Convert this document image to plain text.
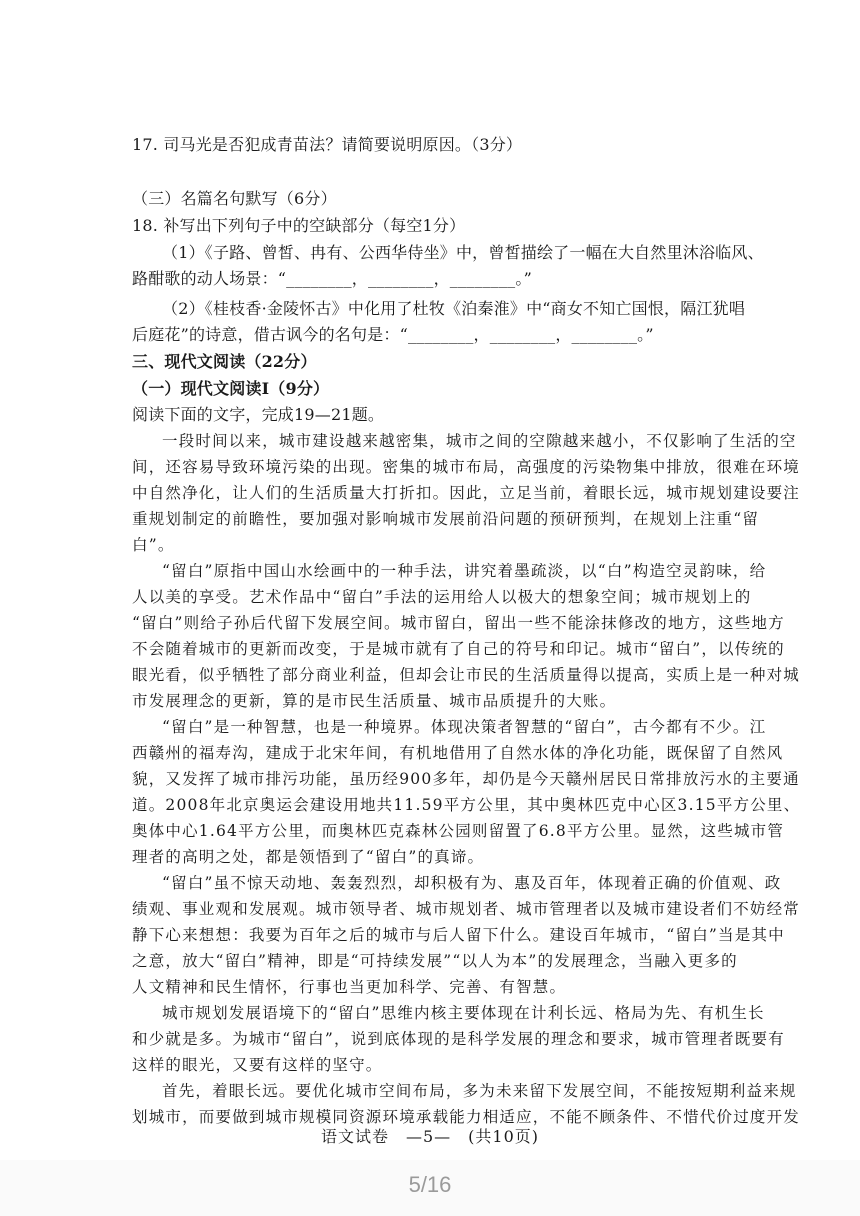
17. 司马光是否犯成青苗法？请简要说明原因。（3分）
（三）名篇名句默写（6分）
18. 补写出下列句子中的空缺部分（每空1分）
（1）《子路、曾皙、冉有、公西华侍坐》中，曾皙描绘了一幅在大自然里沐浴临风、
路酣歌的动人场景：“________，________，________。”
（2）《桂枝香·金陵怀古》中化用了杜牧《泊秦淮》中“商女不知亡国恨，隔江犹唱
后庭花”的诗意，借古讽今的名句是：“________，________，________。”
三、现代文阅读（22分）
（一）现代文阅读Ⅰ（9分）
阅读下面的文字，完成19—21题。
一段时间以来，城市建设越来越密集，城市之间的空隙越来越小，不仅影响了生活的空
间，还容易导致环境污染的出现。密集的城市布局，高强度的污染物集中排放，很难在环境
中自然净化，让人们的生活质量大打折扣。因此，立足当前，着眼长远，城市规划建设要注
重规划制定的前瞻性，要加强对影响城市发展前沿问题的预研预判，在规划上注重“留
白”。
“留白”原指中国山水绘画中的一种手法，讲究着墨疏淡，以“白”构造空灵韵味，给
人以美的享受。艺术作品中“留白”手法的运用给人以极大的想象空间；城市规划上的
“留白”则给子孙后代留下发展空间。城市留白，留出一些不能涂抹修改的地方，这些地方
不会随着城市的更新而改变，于是城市就有了自己的符号和印记。城市“留白”，以传统的
眼光看，似乎牺牲了部分商业利益，但却会让市民的生活质量得以提高，实质上是一种对城
市发展理念的更新，算的是市民生活质量、城市品质提升的大账。
“留白”是一种智慧，也是一种境界。体现决策者智慧的“留白”，古今都有不少。江
西赣州的福寿沟，建成于北宋年间，有机地借用了自然水体的净化功能，既保留了自然风
貌，又发挥了城市排污功能，虽历经900多年，却仍是今天赣州居民日常排放污水的主要通
道。2008年北京奥运会建设用地共11.59平方公里，其中奥林匹克中心区3.15平方公里、
奥体中心1.64平方公里，而奥林匹克森林公园则留置了6.8平方公里。显然，这些城市管
理者的高明之处，都是领悟到了“留白”的真谛。
“留白”虽不惊天动地、轰轰烈烈，却积极有为、惠及百年，体现着正确的价值观、政
绩观、事业观和发展观。城市领导者、城市规划者、城市管理者以及城市建设者们不妨经常
静下心来想想：我要为百年之后的城市与后人留下什么。建设百年城市，“留白”当是其中
之意，放大“留白”精神，即是“可持续发展”“以人为本”的发展理念，当融入更多的
人文精神和民生情怀，行事也当更加科学、完善、有智慧。
城市规划发展语境下的“留白”思维内核主要体现在计利长远、格局为先、有机生长
和少就是多。为城市“留白”，说到底体现的是科学发展的理念和要求，城市管理者既要有
这样的眼光，又要有这样的坚守。
首先，着眼长远。要优化城市空间布局，多为未来留下发展空间，不能按短期利益来规
划城市，而要做到城市规模同资源环境承载能力相适应，不能不顾条件、不惜代价过度开发
语文试卷　—5—　(共10页)
5/16
